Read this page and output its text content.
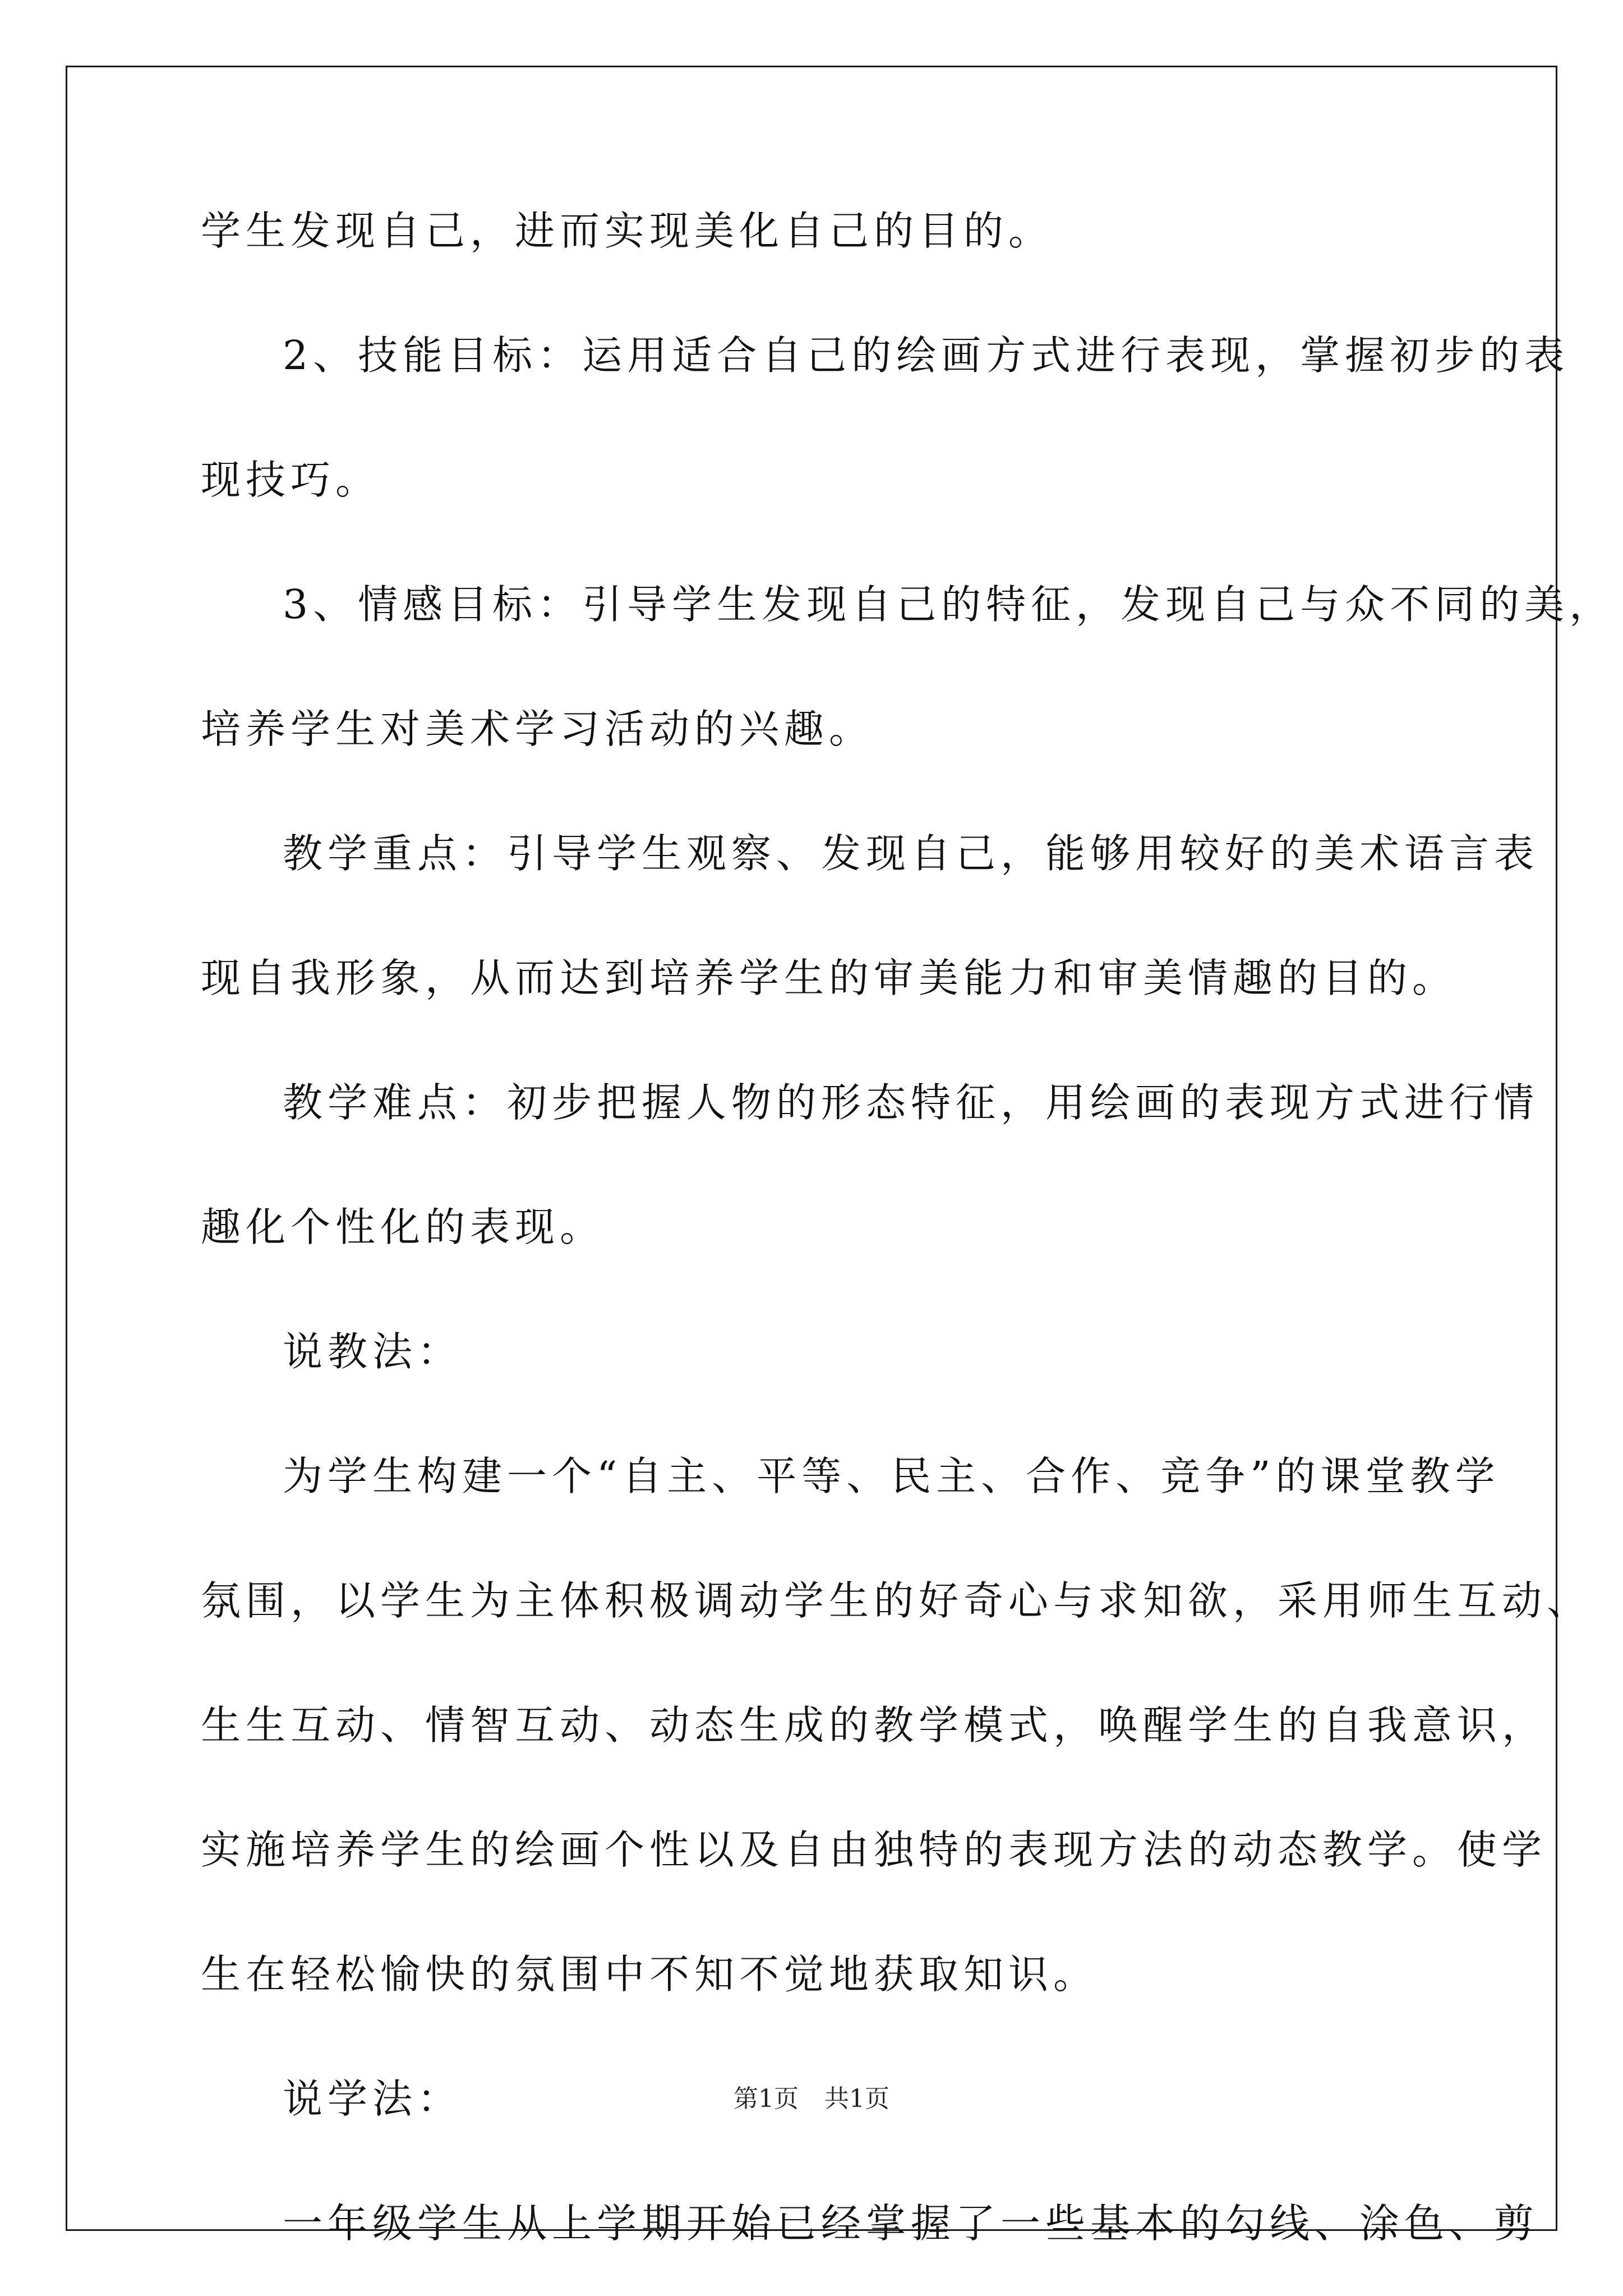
学生发现自己，进而实现美化自己的目的。
2、技能目标：运用适合自己的绘画方式进行表现，掌握初步的表
现技巧。
3、情感目标：引导学生发现自己的特征，发现自己与众不同的美，
培养学生对美术学习活动的兴趣。
教学重点：引导学生观察、发现自己，能够用较好的美术语言表
现自我形象，从而达到培养学生的审美能力和审美情趣的目的。
教学难点：初步把握人物的形态特征，用绘画的表现方式进行情
趣化个性化的表现。
说教法：
为学生构建一个“自主、平等、民主、合作、竞争”的课堂教学
氛围，以学生为主体积极调动学生的好奇心与求知欲，采用师生互动、
生生互动、情智互动、动态生成的教学模式，唤醒学生的自我意识，
实施培养学生的绘画个性以及自由独特的表现方法的动态教学。使学
生在轻松愉快的氛围中不知不觉地获取知识。
说学法：
一年级学生从上学期开始已经掌握了一些基本的勾线、涂色、剪
第1页 共1页
